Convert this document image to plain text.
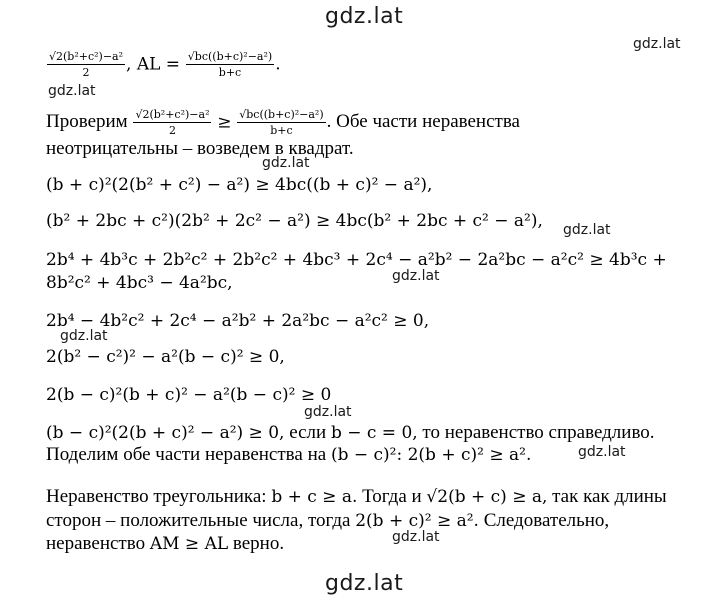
gdz.lat
gdz.lat
gdz.lat
gdz.lat
gdz.lat
gdz.lat
gdz.lat
gdz.lat
gdz.lat
gdz.lat
gdz.lat
$\frac{\text{√2(b²+c²)−a²}}{2}$ , AL = $\frac{\text{√bc((b+c)²−a²)}}{b+c}$ .
Проверим $\frac{\text{√2(b²+c²)−a²}}{2} \ge \frac{\text{√bc((b+c)²−a²)}}{b+c}$ . Обе части неравенства
неотрицательны – возведем в квадрат.
(b + c)²(2(b² + c²) − a²) ≥ 4bc((b + c)² − a²),
(b² + 2bc + c²)(2b² + 2c² − a²) ≥ 4bc(b² + 2bc + c² − a²),
2b⁴ + 4b³c + 2b²c² + 2b²c² + 4bc³ + 2c⁴ − a²b² − 2a²bc − a²c² ≥ 4b³c +
8b²c² + 4bc³ − 4a²bc,
2b⁴ − 4b²c² + 2c⁴ − a²b² + 2a²bc − a²c² ≥ 0,
2(b² − c²)² − a²(b − c)² ≥ 0,
2(b − c)²(b + c)² − a²(b − c)² ≥ 0
(b − c)²(2(b + c)² − a²) ≥ 0, если b − c = 0, то неравенство справедливо.
Поделим обе части неравенства на (b − c)²: 2(b + c)² ≥ a².
Неравенство треугольника: b + c ≥ a. Тогда и √2(b + c) ≥ a, так как длины
сторон – положительные числа, тогда 2(b + c)² ≥ a². Следовательно,
неравенство AM ≥ AL верно.
